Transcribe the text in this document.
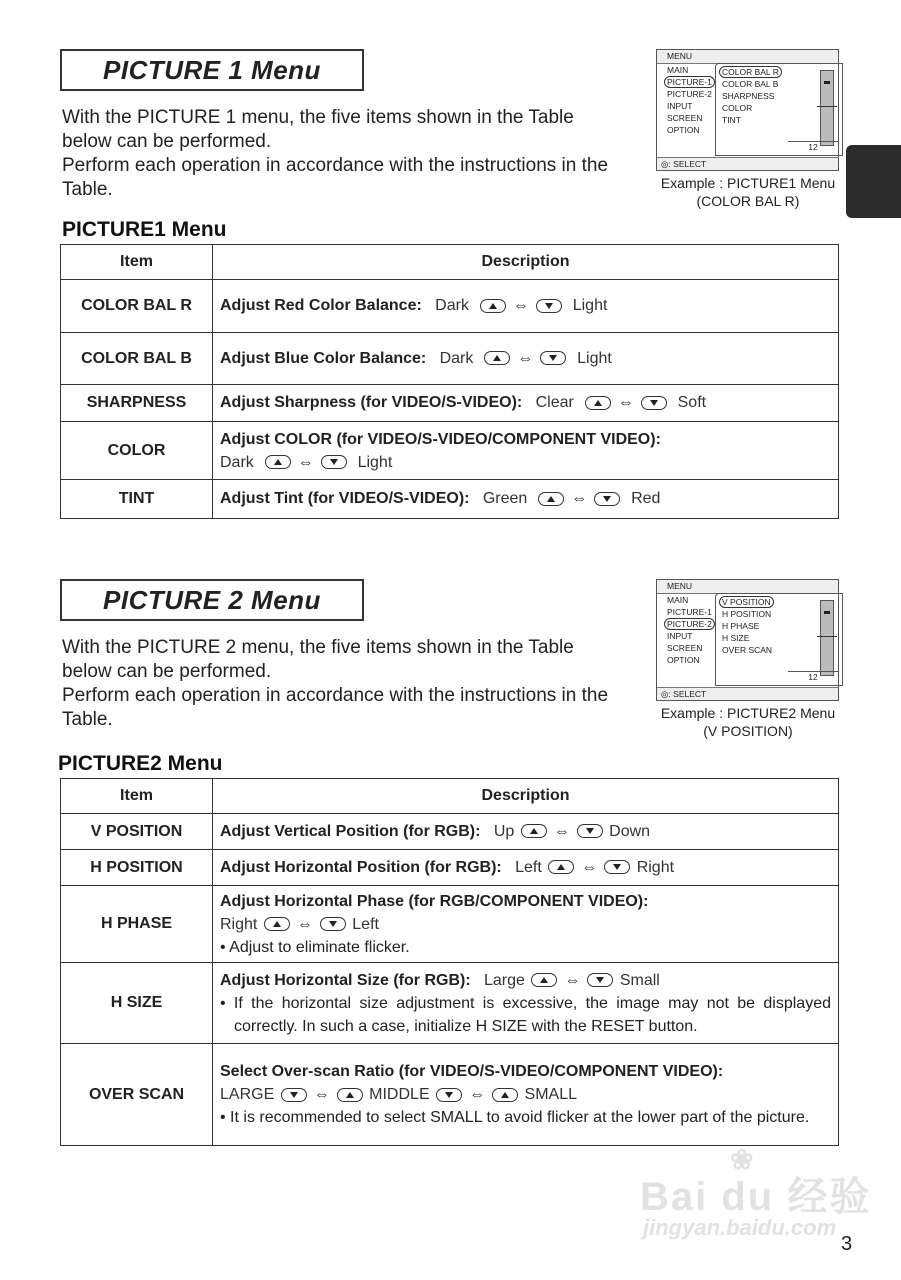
PICTURE 1 Menu
With the PICTURE 1 menu, the five items shown in the Table
below can be performed.
Perform each operation in accordance with the instructions in the
Table.
MENU
MAIN
PICTURE-1
PICTURE-2
INPUT
SCREEN
OPTION
COLOR BAL R
COLOR BAL B
SHARPNESS
COLOR
TINT
12
◎: SELECT
Example : PICTURE1 Menu
(COLOR BAL R)
PICTURE1 Menu
Item	Description
COLOR BAL R	Adjust Red Color Balance: Dark ⇔ Light
COLOR BAL B	Adjust Blue Color Balance: Dark ⇔ Light
SHARPNESS	Adjust Sharpness (for VIDEO/S-VIDEO): Clear ⇔ Soft
COLOR	Adjust COLOR (for VIDEO/S-VIDEO/COMPONENT VIDEO):
Dark ⇔ Light

TINT	Adjust Tint (for VIDEO/S-VIDEO): Green ⇔ Red
PICTURE 2 Menu
With the PICTURE 2 menu, the five items shown in the Table
below can be performed.
Perform each operation in accordance with the instructions in the
Table.
MENU
MAIN
PICTURE-1
PICTURE-2
INPUT
SCREEN
OPTION
V POSITION
H POSITION
H PHASE
H SIZE
OVER SCAN
12
◎: SELECT
Example : PICTURE2 Menu
(V POSITION)
PICTURE2 Menu
Item	Description
V POSITION	Adjust Vertical Position (for RGB): Up ⇔ Down
H POSITION	Adjust Horizontal Position (for RGB): Left ⇔ Right
H PHASE	Adjust Horizontal Phase (for RGB/COMPONENT VIDEO):
Right ⇔ Left
• Adjust to eliminate flicker.

H SIZE	Adjust Horizontal Size (for RGB): Large ⇔ Small
• If the horizontal size adjustment is excessive, the image may not be displayed correctly. In such a case, initialize H SIZE with the RESET button.

OVER SCAN	Select Over-scan Ratio (for VIDEO/S-VIDEO/COMPONENT VIDEO):
LARGE ⇔ MIDDLE ⇔ SMALL
• It is recommended to select SMALL to avoid flicker at the lower part of the picture.
❀
Bai du 经验
jingyan.baidu.com
3
